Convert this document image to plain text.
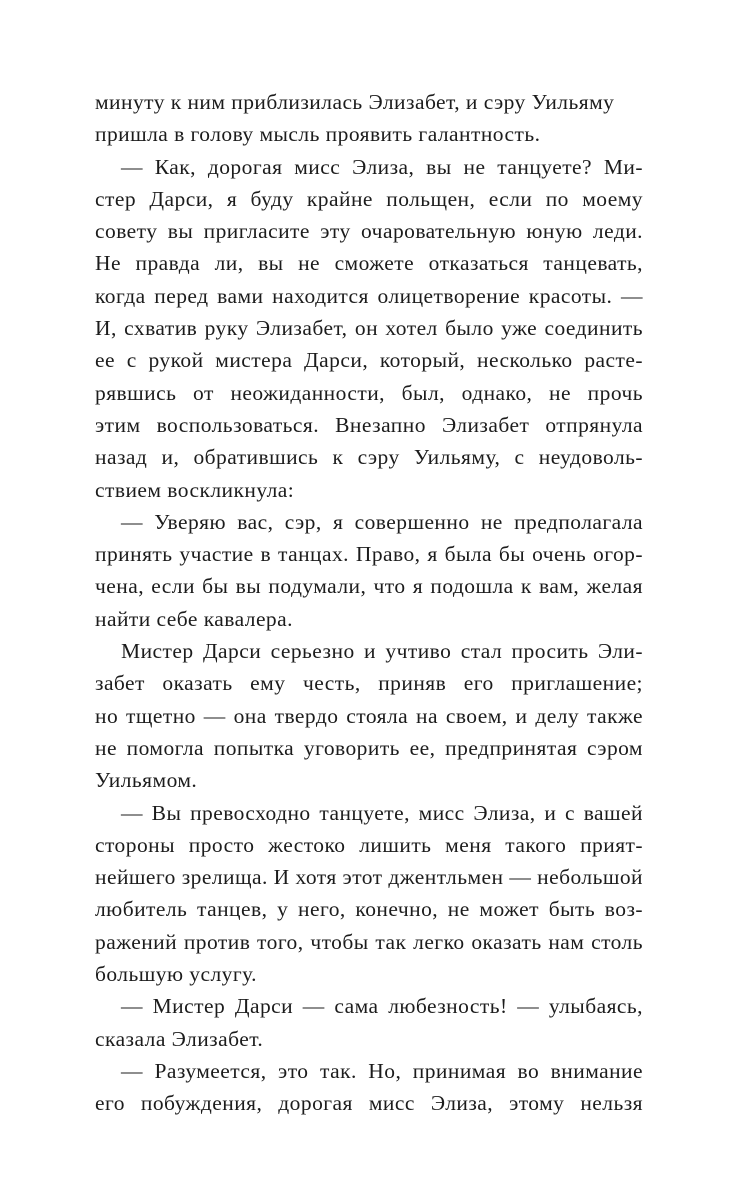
минуту к ним приблизилась Элизабет, и сэру Уильяму
пришла в голову мысль проявить галантность.
— Как, дорогая мисс Элиза, вы не танцуете? Ми-
стер Дарси, я буду крайне польщен, если по моему
совету вы пригласите эту очаровательную юную леди.
Не правда ли, вы не сможете отказаться танцевать,
когда перед вами находится олицетворение красоты. —
И, схватив руку Элизабет, он хотел было уже соединить
ее с рукой мистера Дарси, который, несколько расте-
рявшись от неожиданности, был, однако, не прочь
этим воспользоваться. Внезапно Элизабет отпрянула
назад и, обратившись к сэру Уильяму, с неудоволь-
ствием воскликнула:
— Уверяю вас, сэр, я совершенно не предполагала
принять участие в танцах. Право, я была бы очень огор-
чена, если бы вы подумали, что я подошла к вам, желая
найти себе кавалера.
Мистер Дарси серьезно и учтиво стал просить Эли-
забет оказать ему честь, приняв его приглашение;
но тщетно — она твердо стояла на своем, и делу также
не помогла попытка уговорить ее, предпринятая сэром
Уильямом.
— Вы превосходно танцуете, мисс Элиза, и с вашей
стороны просто жестоко лишить меня такого прият-
нейшего зрелища. И хотя этот джентльмен — небольшой
любитель танцев, у него, конечно, не может быть воз-
ражений против того, чтобы так легко оказать нам столь
большую услугу.
— Мистер Дарси — сама любезность! — улыбаясь,
сказала Элизабет.
— Разумеется, это так. Но, принимая во внимание
его побуждения, дорогая мисс Элиза, этому нельзя
